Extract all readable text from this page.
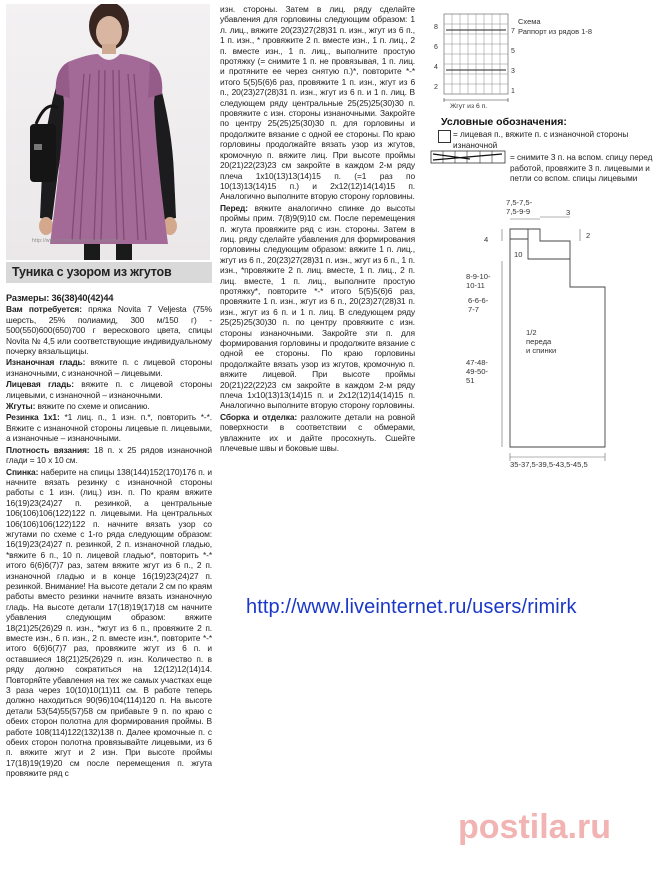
http://www.liveinternet.ru/users/rimirk
Туника с узором из жгутов

Размеры: 36(38)40(42)44

Вам потребуется: пряжа Novita 7 Veljesta (75% шерсть, 25% полиамид, 300 м/150 г) - 500(550)600(650)700 г верескового цвета, спицы Novita № 4,5 или соответствующие индивидуальному почерку вязальщицы.

Изнаночная гладь: вяжите п. с лицевой стороны изнаночными, с изнаночной – лицевыми.

Лицевая гладь: вяжите п. с лицевой стороны лицевыми, с изнаночной – изнаночными.

Жгуты: вяжите по схеме и описанию.

Резинка 1x1: *1 лиц. п., 1 изн. п.*, повторить *-*. Вяжите с изнаночной стороны лицевые п. лицевыми, а изнаночные – изнаночными.

Плотность вязания: 18 п. x 25 рядов изнаночной глади = 10 x 10 см.

Спинка: наберите на спицы 138(144)152(170)176 п. и начните вязать резинку с изнаночной стороны работы с 1 изн. (лиц.) изн. п. По краям вяжите 16(19)23(24)27 п. резинкой, а центральные 106(106)106(122)122 п. лицевыми. На центральных 106(106)106(122)122 п. начните вязать узор со жгутами по схеме с 1-го ряда следующим образом: 16(19)23(24)27 п. резинкой, 2 п. изнаночной гладью, *вяжите 6 п., 10 п. лицевой гладью*, повторить *-* итого 6(6)6(7)7 раз, затем вяжите жгут из 6 п., 2 п. изнаночной гладью и в конце 16(19)23(24)27 п. резинкой. Внимание! На высоте детали 2 см по краям работы вместо резинки начните вязать изнаночную гладь. На высоте детали 17(18)19(17)18 см начните убавления следующим образом: вяжите 18(21)25(26)29 п. изн., *жгут из 6 п., провяжите 2 п. вместе изн., 6 п. изн., 2 п. вместе изн.*, повторите *-* итого 6(6)6(7)7 раз, провяжите жгут из 6 п. и оставшиеся 18(21)25(26)29 п. изн. Количество п. в ряду должно сократиться на 12(12)12(14)14. Повторяйте убавления на тех же самых участках еще 3 раза через 10(10)10(11)11 см. В работе теперь должно находиться 90(96)104(114)120 п. На высоте детали 53(54)55(57)58 см прибавьте 9 п. по краю с обеих сторон полотна для формирования проймы. В работе 108(114)122(132)138 п. Далее кромочные п. с обеих сторон полотна провязывайте лицевыми, из 6 п. вяжите жгут и 2 изн. При высоте проймы 17(18)19(19)20 см после перемещения п. жгута провяжите ряд с

изн. стороны. Затем в лиц. ряду сделайте убавления для горловины следующим образом: 1 л. лиц., вяжите 20(23)27(28)31 п. изн., жгут из 6 п., 1 п. изн., * провяжите 2 п. вместе изн., 1 п. лиц., 2 п. вместе изн., 1 п. лиц., выполните простую протяжку (= снимите 1 п. не провязывая, 1 п. лиц. и протяните ее через снятую п.)*, повторите *-* итого 5(5)5(6)6 раз, провяжите 1 п. изн., жгут из 6 п., 20(23)27(28)31 п. изн., жгут из 6 п. и 1 п. лиц. В следующем ряду центральные 25(25)25(30)30 п. провяжите с изн. стороны изнаночными. Закройте по центру 25(25)25(30)30 п. для горловины и продолжите вязание с одной ее стороны. По краю горловины продолжайте вязать узор из жгутов, кромочную п. вяжите лиц. При высоте проймы 20(21)22(23)23 см закройте в каждом 2-м ряду плеча 1x10(13)13(14)15 п. (=1 раз по 10(13)13(14)15 п.) и 2x12(12)14(14)15 п. Аналогично выполните вторую сторону горловины.

Перед: вяжите аналогично спинке до высоты проймы прим. 7(8)9(9)10 см. После перемещения п. жгута провяжите ряд с изн. стороны. Затем в лиц. ряду сделайте убавления для формирования горловины следующим образом: вяжите 1 п. лиц., жгут из 6 п., 20(23)27(28)31 п. изн., жгут из 6 п., 1 п. изн., *провяжите 2 п. лиц. вместе, 1 п. лиц., 2 п. лиц. вместе, 1 п. лиц., выполните простую протяжку*, повторите *-* итого 5(5)5(6)6 раз, провяжите 1 п. изн., жгут из 6 п., 20(23)27(28)31 п. изн., жгут из 6 п. и 1 п. лиц. В следующем ряду 25(25)25(30)30 п. по центру провяжите с изн. стороны изнаночными. Закройте эти п. для формирования горловины и продолжите вязание с одной ее стороны. По краю горловины продолжайте вязать узор из жгутов, кромочную п. вяжите лицевой. При высоте проймы 20(21)22(22)23 см закройте в каждом 2-м ряду плеча 1x10(13)13(14)15 п. и 2x12(12)14(14)15 п. Аналогично выполните вторую сторону горловины.

Сборка и отделка: разложите детали на ровной поверхности в соответствии с обмерами, увлажните их и дайте просохнуть. Сшейте плечевые швы и боковые швы.

8
6
4
2
7
5
3
1
Жгут из 6 п.
Схема
Раппорт из рядов 1-8
Условные обозначения:
= лицевая п., вяжите п. с изнаночной стороны изнаночной
= снимите 3 п. на вспом. спицу перед работой, провяжите 3 п. лицевыми и петли со вспом. спицы лицевыми
7,5-7,5-
7,5-9-9	3
2
4
10
8-9-10-
10-11
6-6-6-
7-7
1/2
переда
и спинки
47-48-
49-50-
51
35-37,5-39,5-43,5-45,5
http://www.liveinternet.ru/users/rimirk
postila.ru
